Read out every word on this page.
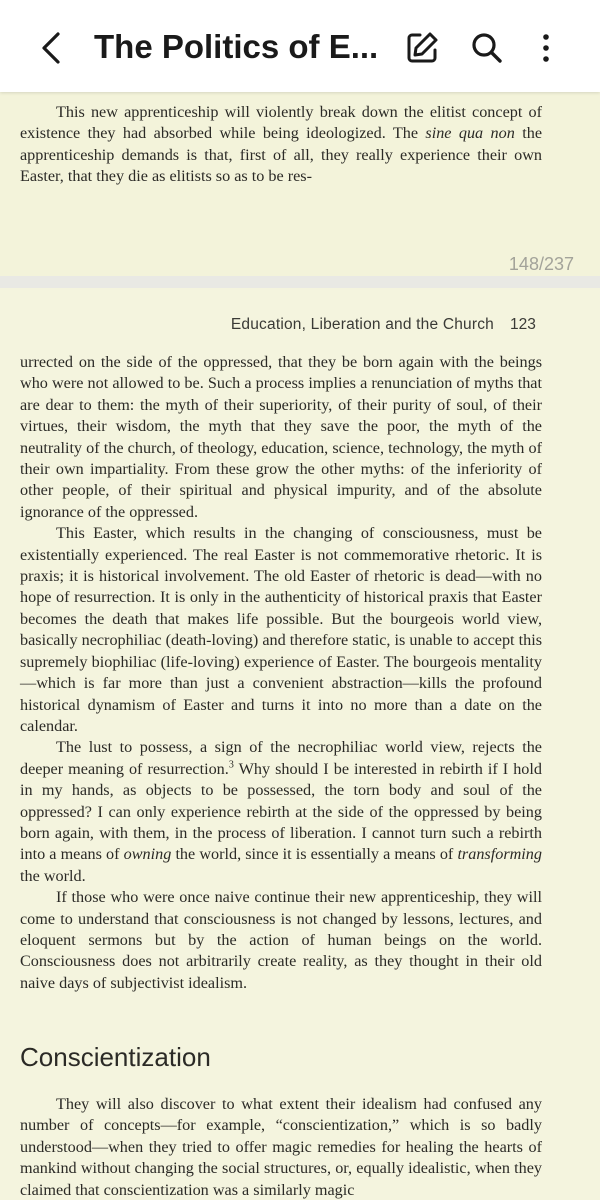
The Politics of E...

This new apprenticeship will violently break down the elitist concept of existence they had absorbed while being ideologized. The sine qua non the apprenticeship demands is that, first of all, they really experience their own Easter, that they die as elitists so as to be res-

148/237
Education, Liberation and the Church 123

urrected on the side of the oppressed, that they be born again with the beings who were not allowed to be. Such a process implies a renunciation of myths that are dear to them: the myth of their superiority, of their purity of soul, of their virtues, their wisdom, the myth that they save the poor, the myth of the neutrality of the church, of theology, education, science, technology, the myth of their own impartiality. From these grow the other myths: of the inferiority of other people, of their spiritual and physical impurity, and of the absolute ignorance of the oppressed.

This Easter, which results in the changing of consciousness, must be existentially experienced. The real Easter is not commemorative rhetoric. It is praxis; it is historical involvement. The old Easter of rhetoric is dead—with no hope of resurrection. It is only in the authenticity of historical praxis that Easter becomes the death that makes life possible. But the bourgeois world view, basically necrophiliac (death-loving) and therefore static, is unable to accept this supremely biophiliac (life-loving) experience of Easter. The bourgeois mentality—which is far more than just a convenient abstraction—kills the profound historical dynamism of Easter and turns it into no more than a date on the calendar.

The lust to possess, a sign of the necrophiliac world view, rejects the deeper meaning of resurrection.$^3$ Why should I be interested in rebirth if I hold in my hands, as objects to be possessed, the torn body and soul of the oppressed? I can only experience rebirth at the side of the oppressed by being born again, with them, in the process of liberation. I cannot turn such a rebirth into a means of owning the world, since it is essentially a means of transforming the world.

If those who were once naive continue their new apprenticeship, they will come to understand that consciousness is not changed by lessons, lectures, and eloquent sermons but by the action of human beings on the world. Consciousness does not arbitrarily create reality, as they thought in their old naive days of subjectivist idealism.

Conscientization

They will also discover to what extent their idealism had confused any number of concepts—for example, “conscientization,” which is so badly understood—when they tried to offer magic remedies for healing the hearts of mankind without changing the social structures, or, equally idealistic, when they claimed that conscientization was a similarly magic
